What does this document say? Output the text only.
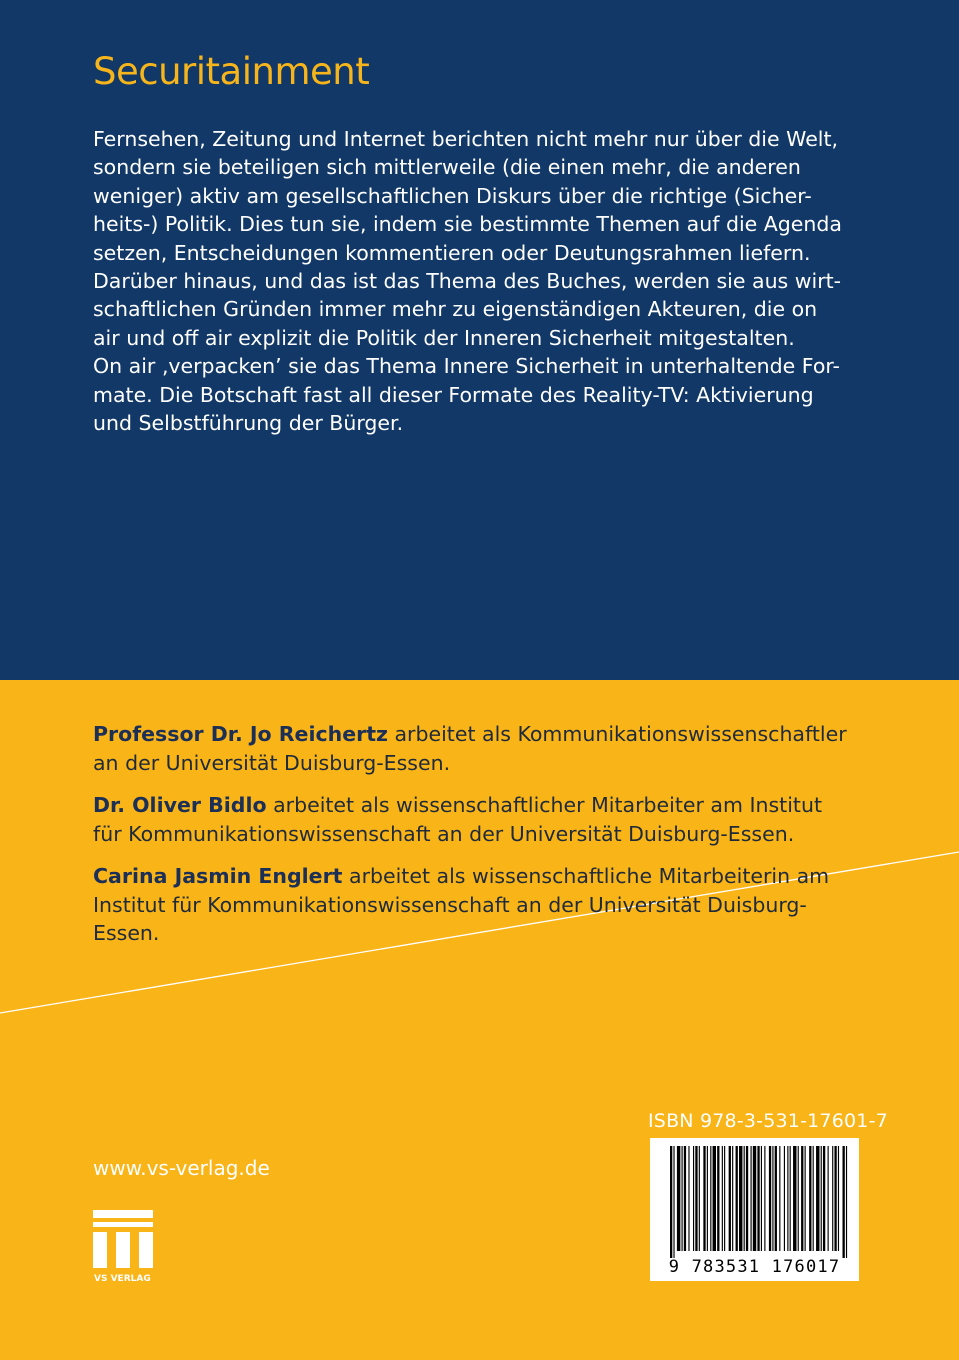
Securitainment
Fernsehen, Zeitung und Internet berichten nicht mehr nur über die Welt,
sondern sie beteiligen sich mittlerweile (die einen mehr, die anderen
weniger) aktiv am gesellschaftlichen Diskurs über die richtige (Sicher-
heits-) Politik. Dies tun sie, indem sie bestimmte Themen auf die Agenda
setzen, Entscheidungen kommentieren oder Deutungsrahmen liefern.
Darüber hinaus, und das ist das Thema des Buches, werden sie aus wirt-
schaftlichen Gründen immer mehr zu eigenständigen Akteuren, die on
air und off air explizit die Politik der Inneren Sicherheit mitgestalten.
On air ‚verpacken’ sie das Thema Innere Sicherheit in unterhaltende For-
mate. Die Botschaft fast all dieser Formate des Reality-TV: Aktivierung
und Selbstführung der Bürger.

Professor Dr. Jo Reichertz arbeitet als Kommunikationswissenschaftler
an der Universität Duisburg-Essen.

Dr. Oliver Bidlo arbeitet als wissenschaftlicher Mitarbeiter am Institut
für Kommunikationswissenschaft an der Universität Duisburg-Essen.

Carina Jasmin Englert arbeitet als wissenschaftliche Mitarbeiterin am
Institut für Kommunikationswissenschaft an der Universität Duisburg-
Essen.

www.vs-verlag.de
VS VERLAG
ISBN 978-3-531-17601-7
9 783531 176017
